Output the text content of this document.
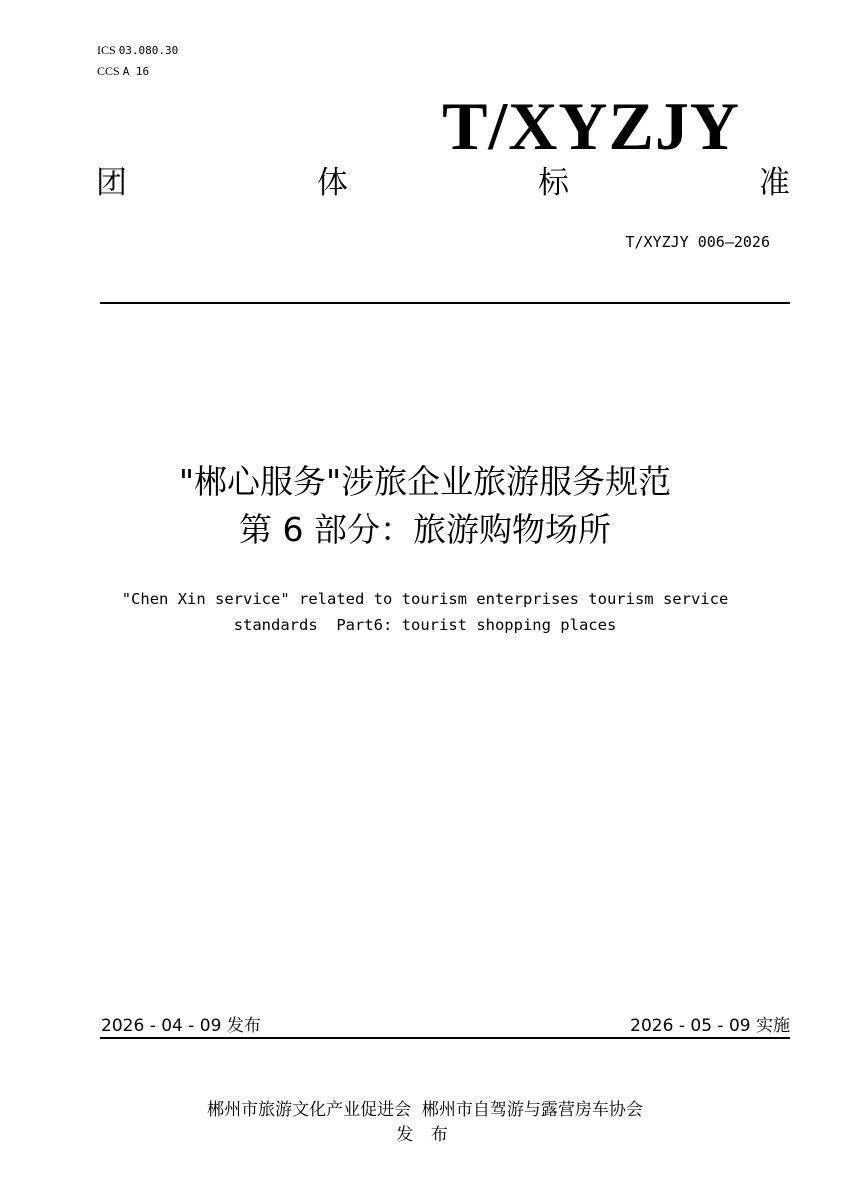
ICS 03.080.30
CCS A 16
T/XYZJY
团	体	标	准
T/XYZJY 006—2026
"郴心服务"涉旅企业旅游服务规范
第 6 部分：旅游购物场所
"Chen Xin service" related to tourism enterprises tourism service
standards  Part6: tourist shopping places
2026 - 04 - 09 发布	2026 - 05 - 09 实施
郴州市旅游文化产业促进会  郴州市自驾游与露营房车协会
发 布
